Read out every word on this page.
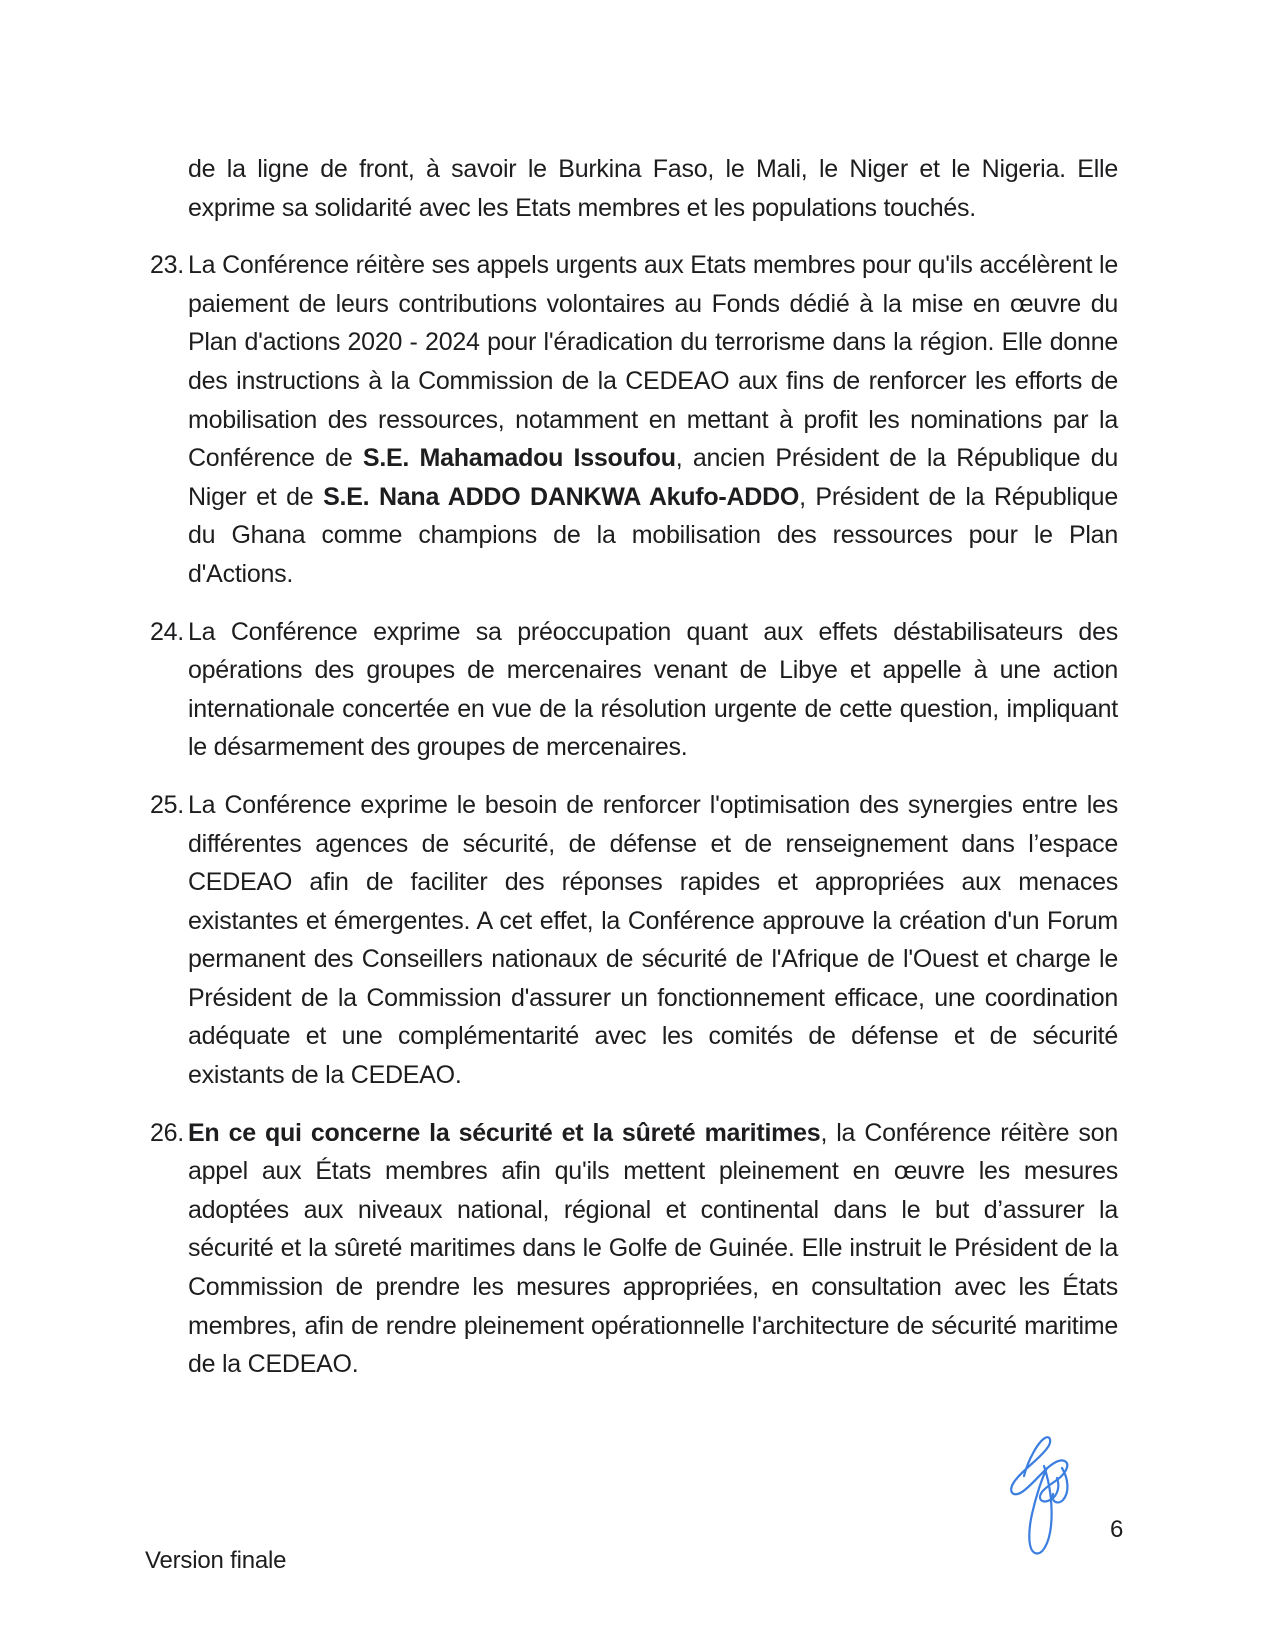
de la ligne de front, à savoir le Burkina Faso, le Mali, le Niger et le Nigeria. Elle exprime sa solidarité avec les Etats membres et les populations touchés.
23. La Conférence réitère ses appels urgents aux Etats membres pour qu'ils accélèrent le paiement de leurs contributions volontaires au Fonds dédié à la mise en œuvre du Plan d'actions 2020 - 2024 pour l'éradication du terrorisme dans la région. Elle donne des instructions à la Commission de la CEDEAO aux fins de renforcer les efforts de mobilisation des ressources, notamment en mettant à profit les nominations par la Conférence de S.E. Mahamadou Issoufou, ancien Président de la République du Niger et de S.E. Nana ADDO DANKWA Akufo-ADDO, Président de la République du Ghana comme champions de la mobilisation des ressources pour le Plan d'Actions.
24. La Conférence exprime sa préoccupation quant aux effets déstabilisateurs des opérations des groupes de mercenaires venant de Libye et appelle à une action internationale concertée en vue de la résolution urgente de cette question, impliquant le désarmement des groupes de mercenaires.
25. La Conférence exprime le besoin de renforcer l'optimisation des synergies entre les différentes agences de sécurité, de défense et de renseignement dans l’espace CEDEAO afin de faciliter des réponses rapides et appropriées aux menaces existantes et émergentes. A cet effet, la Conférence approuve la création d'un Forum permanent des Conseillers nationaux de sécurité de l'Afrique de l'Ouest et charge le Président de la Commission d'assurer un fonctionnement efficace, une coordination adéquate et une complémentarité avec les comités de défense et de sécurité existants de la CEDEAO.
26. En ce qui concerne la sécurité et la sûreté maritimes, la Conférence réitère son appel aux États membres afin qu'ils mettent pleinement en œuvre les mesures adoptées aux niveaux national, régional et continental dans le but d’assurer la sécurité et la sûreté maritimes dans le Golfe de Guinée. Elle instruit le Président de la Commission de prendre les mesures appropriées, en consultation avec les États membres, afin de rendre pleinement opérationnelle l'architecture de sécurité maritime de la CEDEAO.
6
Version finale
